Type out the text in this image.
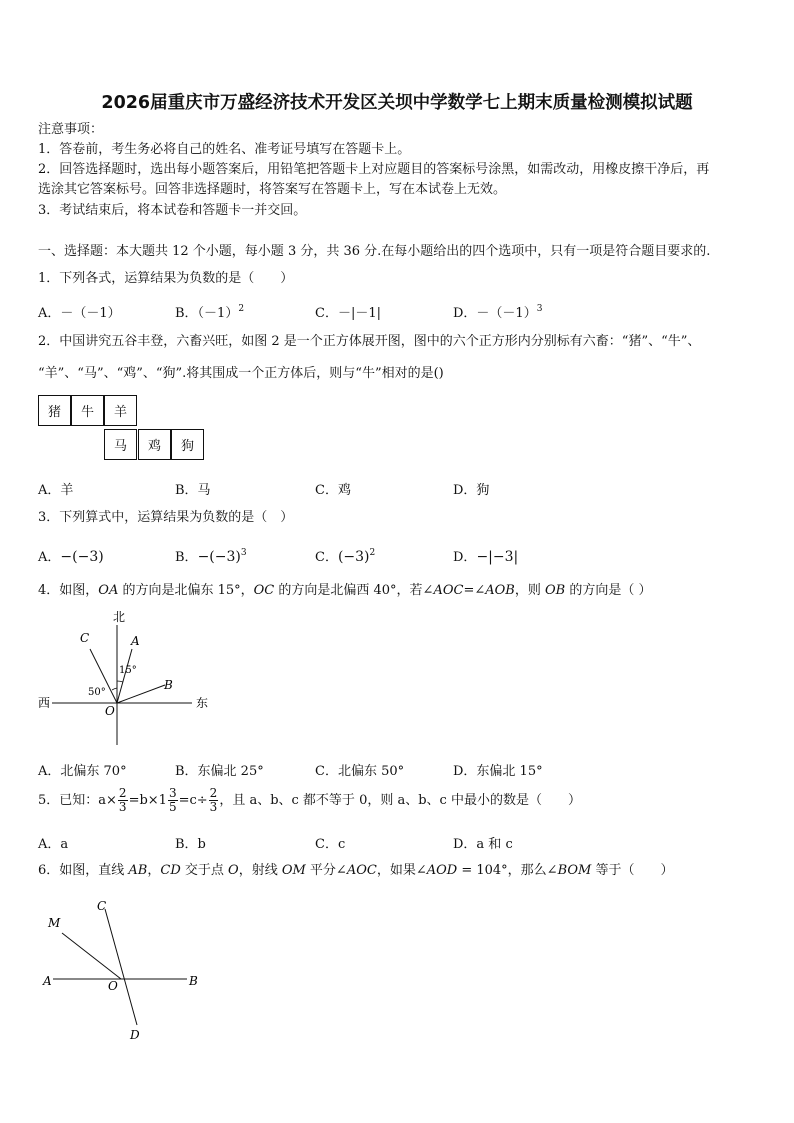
2026届重庆市万盛经济技术开发区关坝中学数学七上期末质量检测模拟试题
注意事项：
1．答卷前，考生务必将自己的姓名、准考证号填写在答题卡上。
2．回答选择题时，选出每小题答案后，用铅笔把答题卡上对应题目的答案标号涂黑，如需改动，用橡皮擦干净后，再
选涂其它答案标号。回答非选择题时，将答案写在答题卡上，写在本试卷上无效。
3．考试结束后，将本试卷和答题卡一并交回。
一、选择题：本大题共 12 个小题，每小题 3 分，共 36 分.在每小题给出的四个选项中，只有一项是符合题目要求的.
1．下列各式，运算结果为负数的是（　　）
A．－（－1）	B．$(-1)^2$	C．－|－1|	D．$-(-1)^3$
2．中国讲究五谷丰登，六畜兴旺，如图 2 是一个正方体展开图，图中的六个正方形内分别标有六畜：“猪”、“牛”、
“羊”、“马”、“鸡”、“狗”.将其围成一个正方体后，则与“牛”相对的是()
猪	牛	羊
马	鸡	狗
A．羊	B．马	C．鸡	D．狗
3．下列算式中，运算结果为负数的是（　）
A．−(−3)	B．$-(-3)^3$	C．$(-3)^2$	D．−|−3|
4．如图，OA 的方向是北偏东 15°，OC 的方向是北偏西 40°，若∠AOC=∠AOB，则 OB 的方向是（ ）
北
西	东
C	A
B
O
15°
50°
A．北偏东 70°	B．东偏北 25°	C．北偏东 50°	D．东偏北 15°
5．已知：$a\times \frac{2}{3} =b\times 1 \frac{3}{5} =c\div \frac{2}{3}$ ，且 a、b、c 都不等于 0，则 a、b、c 中最小的数是（　　）
A．a	B．b	C．c	D．a 和 c
6．如图，直线 AB，CD 交于点 O，射线 OM 平分∠AOC，如果∠AOD = 104°，那么∠BOM 等于（　　）
C
M
A	O	B
D
